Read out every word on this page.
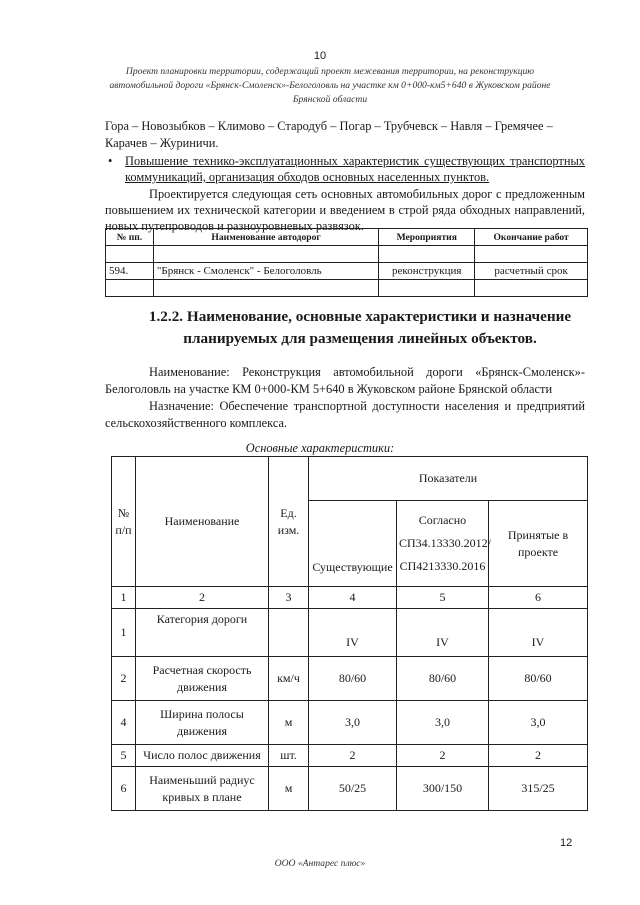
10
Проект планировки территории, содержащий проект межевания территории, на реконструкцию
автомобильной дороги «Брянск-Смоленск»-Белоголовль на участке км 0+000-км5+640 в Жуковском районе
Брянской области
Гора – Новозыбков – Климово – Стародуб – Погар – Трубчевск – Навля – Гремячее –
Карачев – Журиничи.
• Повышение технико-эксплуатационных характеристик существующих транспортных коммуникаций, организация обходов основных населенных пунктов.
Проектируется следующая сеть основных автомобильных дорог с предложенным повышением их технической категории и введением в строй ряда обходных направлений, новых путепроводов и разноуровневых развязок.
№ пп.	Наименование автодорог	Мероприятия	Окончание работ

594.	"Брянск - Смоленск" - Белоголовль	реконструкция	расчетный срок

1.2.2. Наименование, основные характеристики и назначение
планируемых для размещения линейных объектов.
Наименование: Реконструкция автомобильной дороги «Брянск-Смоленск»-Белоголовль на участке КМ 0+000-КМ 5+640 в Жуковском районе Брянской области
Назначение: Обеспечение транспортной доступности населения и предприятий сельскохозяйственного комплекса.
Основные характеристики:
№ п/п	Наименование	Ед. изм.	Показатели		
			Существующие	Согласно
СП34.13330.2012/
СП4213330.2016	Принятые в проекте
1	2	3	4	5	6
1	Категория дороги		IV	IV	IV
2	Расчетная скорость движения	км/ч	80/60	80/60	80/60
4	Ширина полосы движения	м	3,0	3,0	3,0
5	Число полос движения	шт.	2	2	2
6	Наименьший радиус кривых в плане	м	50/25	300/150	315/25
12
ООО «Антарес плюс»
